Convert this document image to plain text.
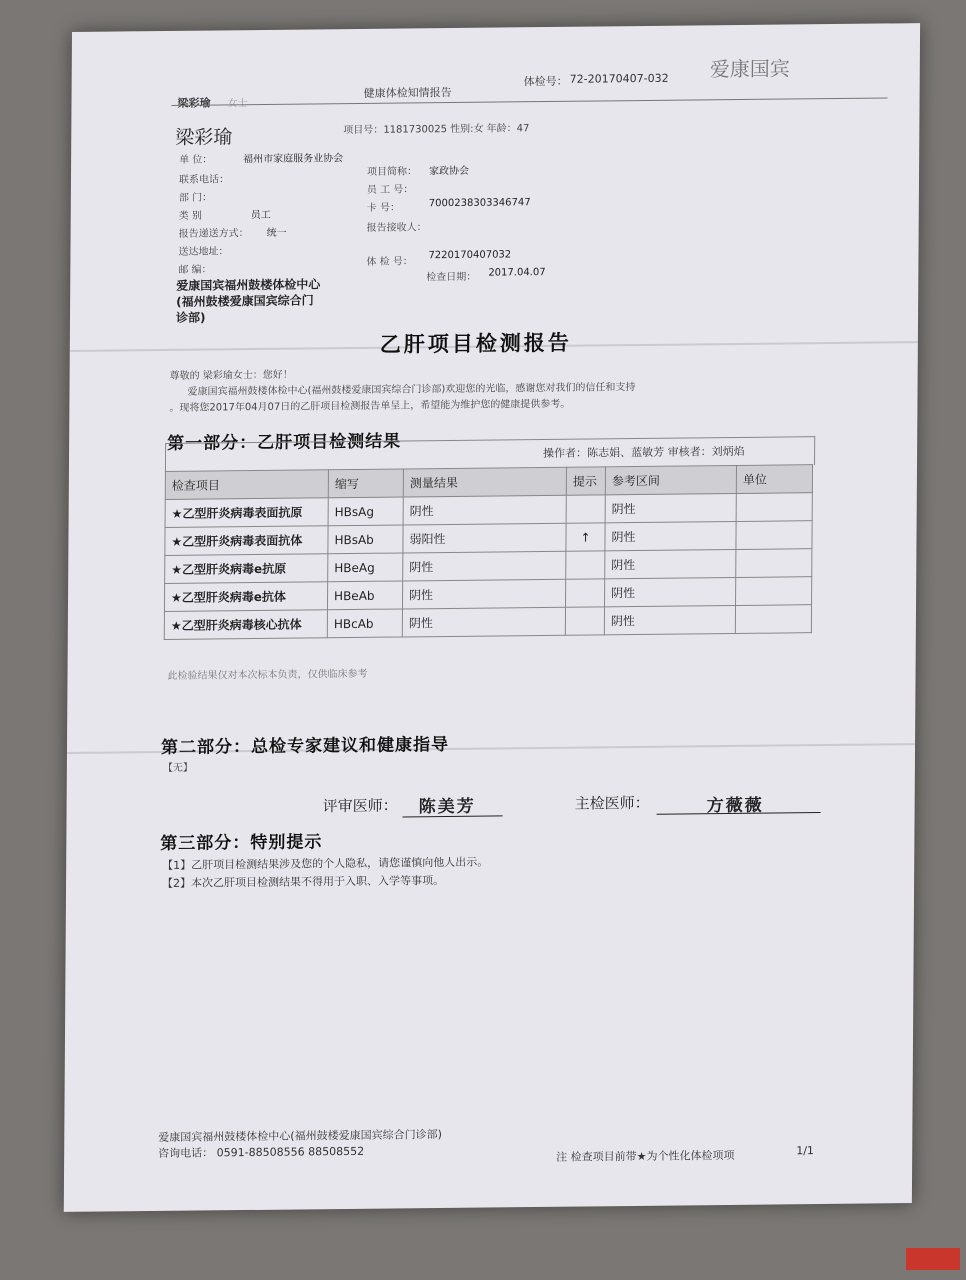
梁彩瑜 女士
健康体检知情报告
体检号： 72-20170407-032 爱康国宾
梁彩瑜	项目号：1181730025 性别:女 年龄：47
单 位：	福州市家庭服务业协会
联系电话：
部 门：
类 别	员工
报告递送方式： 统一
送达地址：
邮 编：
项目简称： 家政协会
员 工 号：
卡 号：	7000238303346747
报告接收人：
体 检 号：
7220170407032
检查日期： 2017.04.07
爱康国宾福州鼓楼体检中心
(福州鼓楼爱康国宾综合门
诊部)
乙肝项目检测报告
尊敬的 梁彩瑜女士：您好！
爱康国宾福州鼓楼体检中心(福州鼓楼爱康国宾综合门诊部)欢迎您的光临，感谢您对我们的信任和支持
。现将您2017年04月07日的乙肝项目检测报告单呈上，希望能为维护您的健康提供参考。
第一部分：乙肝项目检测结果	操作者：陈志娟、蓝敏芳 审核者：刘炳焰
检查项目	缩写	测量结果	提示	参考区间	单位
★乙型肝炎病毒表面抗原	HBsAg	阴性		阴性	
★乙型肝炎病毒表面抗体	HBsAb	弱阳性	↑	阴性	
★乙型肝炎病毒e抗原	HBeAg	阴性		阴性	
★乙型肝炎病毒e抗体	HBeAb	阴性		阴性	
★乙型肝炎病毒核心抗体	HBcAb	阴性		阴性	
此检验结果仅对本次标本负责，仅供临床参考
第二部分：总检专家建议和健康指导
【无】
评审医师： 陈美芳	主检医师：	方薇薇
第三部分：特别提示
【1】乙肝项目检测结果涉及您的个人隐私，请您谨慎向他人出示。
【2】本次乙肝项目检测结果不得用于入职、入学等事项。
爱康国宾福州鼓楼体检中心(福州鼓楼爱康国宾综合门诊部)
咨询电话： 0591-88508556 88508552	注 检查项目前带★为个性化体检项项	1/1
